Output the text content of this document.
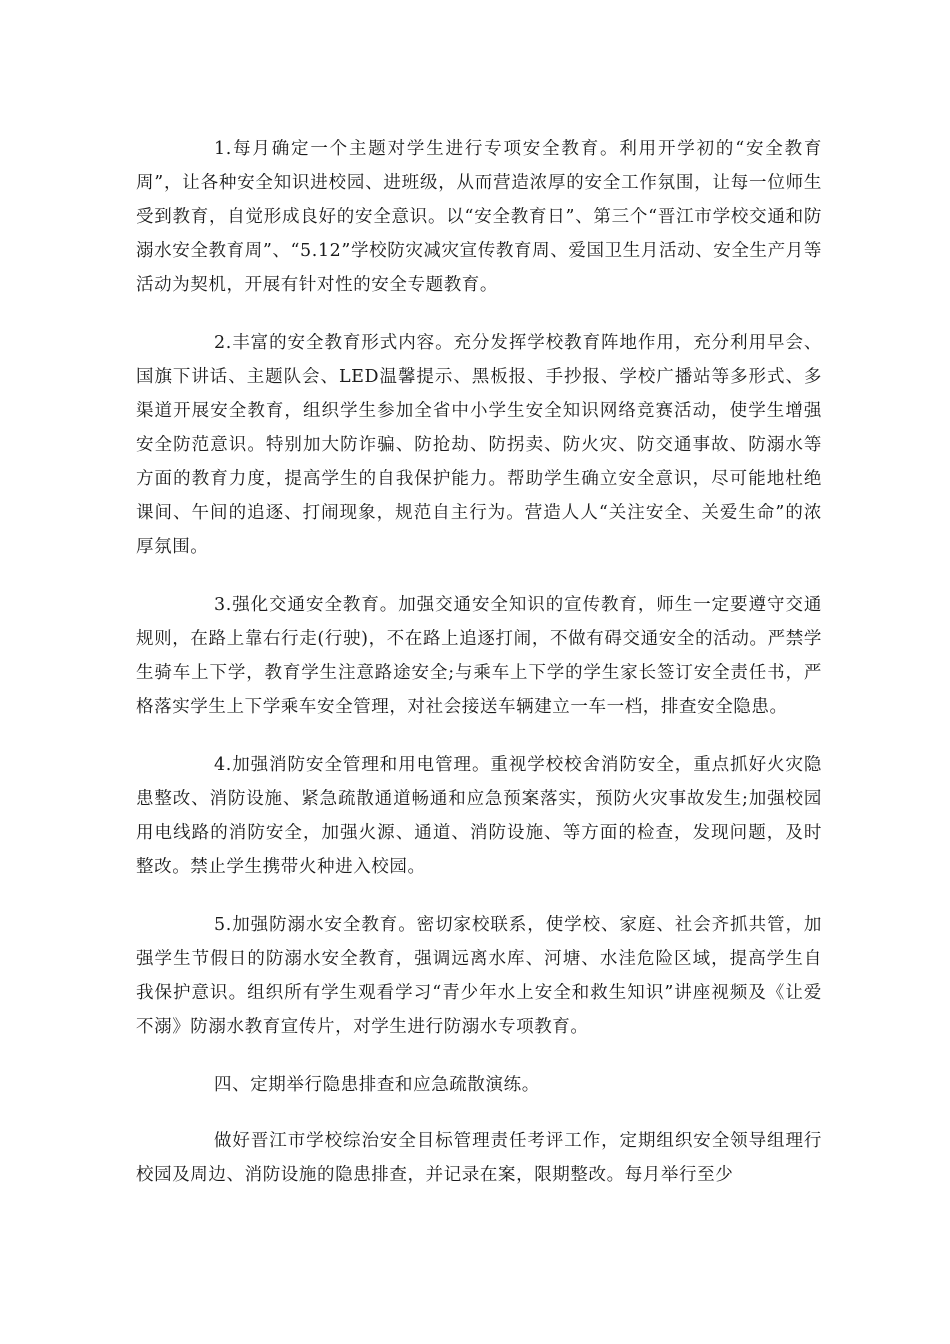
1.每月确定一个主题对学生进行专项安全教育。利用开学初的“安全教育周”，让各种安全知识进校园、进班级，从而营造浓厚的安全工作氛围，让每一位师生受到教育，自觉形成良好的安全意识。以“安全教育日”、第三个“晋江市学校交通和防溺水安全教育周”、“5.12”学校防灾减灾宣传教育周、爱国卫生月活动、安全生产月等活动为契机，开展有针对性的安全专题教育。

2.丰富的安全教育形式内容。充分发挥学校教育阵地作用，充分利用早会、国旗下讲话、主题队会、LED温馨提示、黑板报、手抄报、学校广播站等多形式、多渠道开展安全教育，组织学生参加全省中小学生安全知识网络竞赛活动，使学生增强安全防范意识。特别加大防诈骗、防抢劫、防拐卖、防火灾、防交通事故、防溺水等方面的教育力度，提高学生的自我保护能力。帮助学生确立安全意识，尽可能地杜绝课间、午间的追逐、打闹现象，规范自主行为。营造人人“关注安全、关爱生命”的浓厚氛围。

3.强化交通安全教育。加强交通安全知识的宣传教育，师生一定要遵守交通规则，在路上靠右行走(行驶)，不在路上追逐打闹，不做有碍交通安全的活动。严禁学生骑车上下学，教育学生注意路途安全;与乘车上下学的学生家长签订安全责任书，严格落实学生上下学乘车安全管理，对社会接送车辆建立一车一档，排查安全隐患。

4.加强消防安全管理和用电管理。重视学校校舍消防安全，重点抓好火灾隐患整改、消防设施、紧急疏散通道畅通和应急预案落实，预防火灾事故发生;加强校园用电线路的消防安全，加强火源、通道、消防设施、等方面的检查，发现问题，及时整改。禁止学生携带火种进入校园。

5.加强防溺水安全教育。密切家校联系，使学校、家庭、社会齐抓共管，加强学生节假日的防溺水安全教育，强调远离水库、河塘、水洼危险区域，提高学生自我保护意识。组织所有学生观看学习“青少年水上安全和救生知识”讲座视频及《让爱不溺》防溺水教育宣传片，对学生进行防溺水专项教育。

四、定期举行隐患排查和应急疏散演练。

做好晋江市学校综治安全目标管理责任考评工作，定期组织安全领导组理行校园及周边、消防设施的隐患排查，并记录在案，限期整改。每月举行至少
